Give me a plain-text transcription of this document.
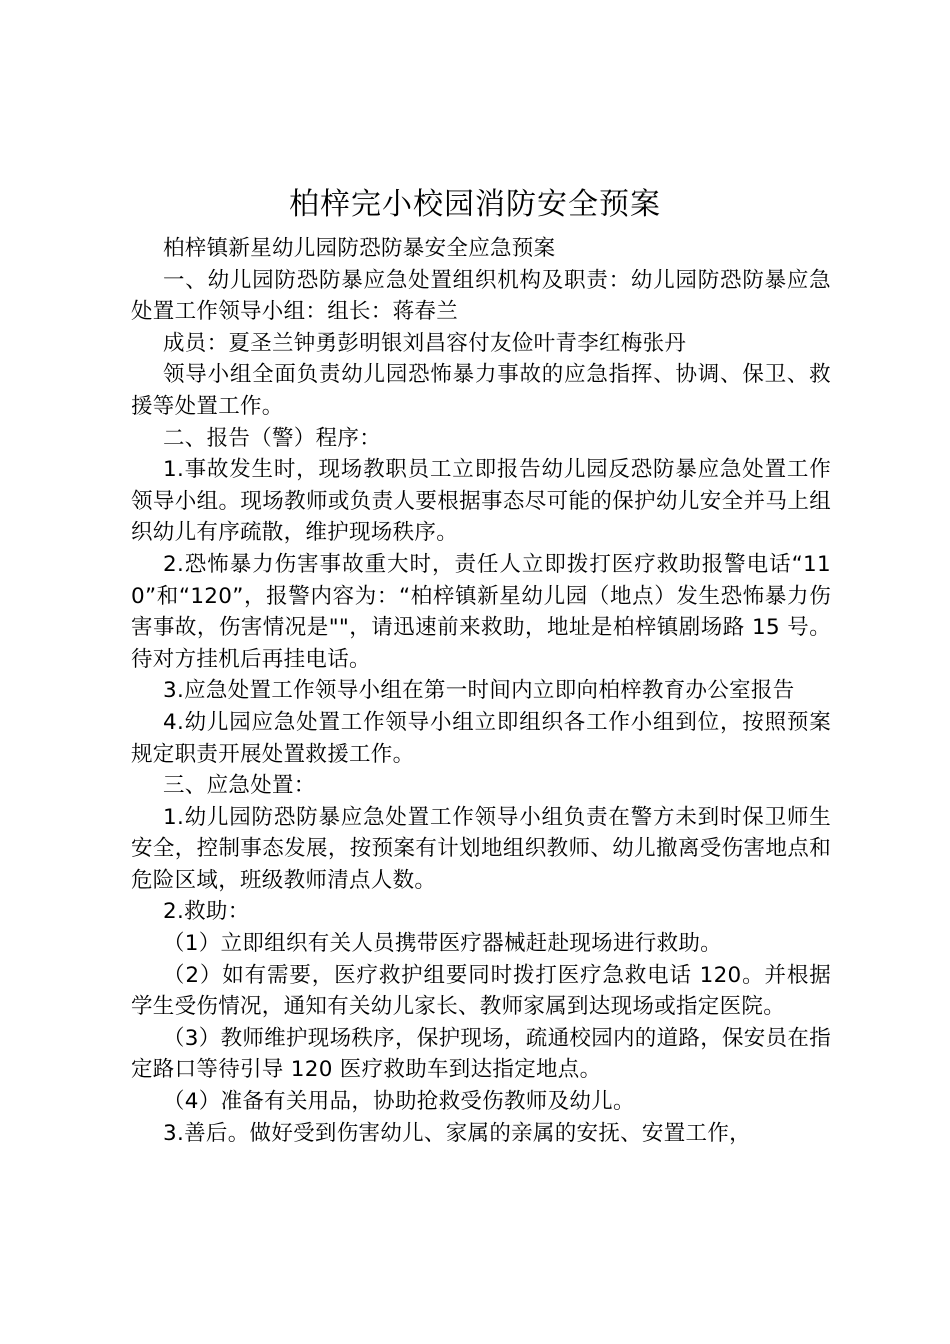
柏梓完小校园消防安全预案

柏梓镇新星幼儿园防恐防暴安全应急预案

一、幼儿园防恐防暴应急处置组织机构及职责：幼儿园防恐防暴应急处置工作领导小组：组长：蒋春兰

成员：夏圣兰钟勇彭明银刘昌容付友俭叶青李红梅张丹

领导小组全面负责幼儿园恐怖暴力事故的应急指挥、协调、保卫、救援等处置工作。

二、报告（警）程序：

1.事故发生时，现场教职员工立即报告幼儿园反恐防暴应急处置工作领导小组。现场教师或负责人要根据事态尽可能的保护幼儿安全并马上组织幼儿有序疏散，维护现场秩序。

2.恐怖暴力伤害事故重大时，责任人立即拨打医疗救助报警电话“110”和“120”，报警内容为：“柏梓镇新星幼儿园（地点）发生恐怖暴力伤害事故，伤害情况是""，请迅速前来救助，地址是柏梓镇剧场路 15 号。待对方挂机后再挂电话。

3.应急处置工作领导小组在第一时间内立即向柏梓教育办公室报告

4.幼儿园应急处置工作领导小组立即组织各工作小组到位，按照预案规定职责开展处置救援工作。

三、应急处置：

1.幼儿园防恐防暴应急处置工作领导小组负责在警方未到时保卫师生安全，控制事态发展，按预案有计划地组织教师、幼儿撤离受伤害地点和危险区域，班级教师清点人数。

2.救助：

（1）立即组织有关人员携带医疗器械赶赴现场进行救助。

（2）如有需要，医疗救护组要同时拨打医疗急救电话 120。并根据学生受伤情况，通知有关幼儿家长、教师家属到达现场或指定医院。

（3）教师维护现场秩序，保护现场，疏通校园内的道路，保安员在指定路口等待引导 120 医疗救助车到达指定地点。

（4）准备有关用品，协助抢救受伤教师及幼儿。

3.善后。做好受到伤害幼儿、家属的亲属的安抚、安置工作，
